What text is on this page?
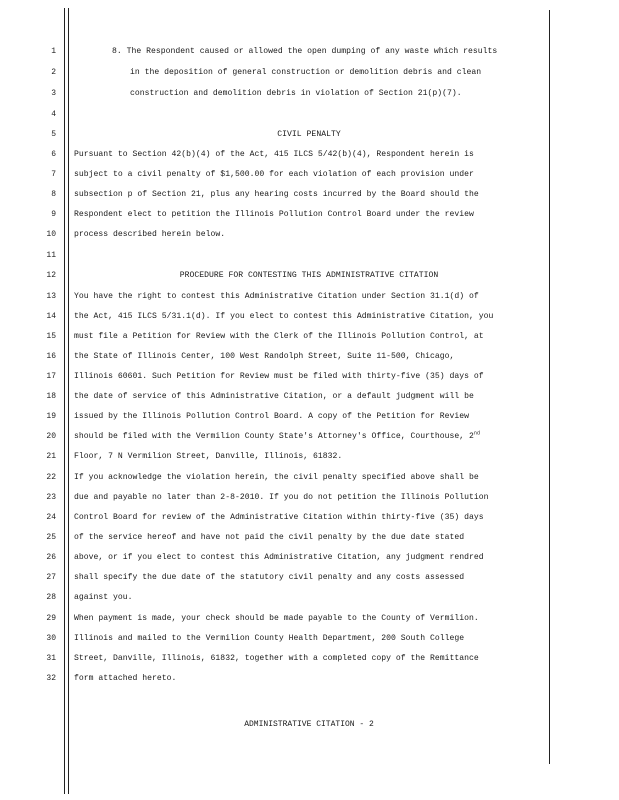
1
2
3
4
5
6
7
8
9
10
11
12
13
14
15
16
17
18
19
20
21
22
23
24
25
26
27
28
29
30
31
32
8. The Respondent caused or allowed the open dumping of any waste which results
in the deposition of general construction or demolition debris and clean
construction and demolition debris in violation of Section 21(p)(7).
CIVIL PENALTY
Pursuant to Section 42(b)(4) of the Act, 415 ILCS 5/42(b)(4), Respondent herein is
subject to a civil penalty of $1,500.00 for each violation of each provision under
subsection p of Section 21, plus any hearing costs incurred by the Board should the
Respondent elect to petition the Illinois Pollution Control Board under the review
process described herein below.
PROCEDURE FOR CONTESTING THIS ADMINISTRATIVE CITATION
You have the right to contest this Administrative Citation under Section 31.1(d) of
the Act, 415 ILCS 5/31.1(d). If you elect to contest this Administrative Citation, you
must file a Petition for Review with the Clerk of the Illinois Pollution Control, at
the State of Illinois Center, 100 West Randolph Street, Suite 11-500, Chicago,
Illinois 60601. Such Petition for Review must be filed with thirty-five (35) days of
the date of service of this Administrative Citation, or a default judgment will be
issued by the Illinois Pollution Control Board. A copy of the Petition for Review
should be filed with the Vermilion County State's Attorney's Office, Courthouse, 2nd
Floor, 7 N Vermilion Street, Danville, Illinois, 61832.
If you acknowledge the violation herein, the civil penalty specified above shall be
due and payable no later than 2-8-2010. If you do not petition the Illinois Pollution
Control Board for review of the Administrative Citation within thirty-five (35) days
of the service hereof and have not paid the civil penalty by the due date stated
above, or if you elect to contest this Administrative Citation, any judgment rendred
shall specify the due date of the statutory civil penalty and any costs assessed
against you.
When payment is made, your check should be made payable to the County of Vermilion.
Illinois and mailed to the Vermilion County Health Department, 200 South College
Street, Danville, Illinois, 61832, together with a completed copy of the Remittance
form attached hereto.
ADMINISTRATIVE CITATION - 2
